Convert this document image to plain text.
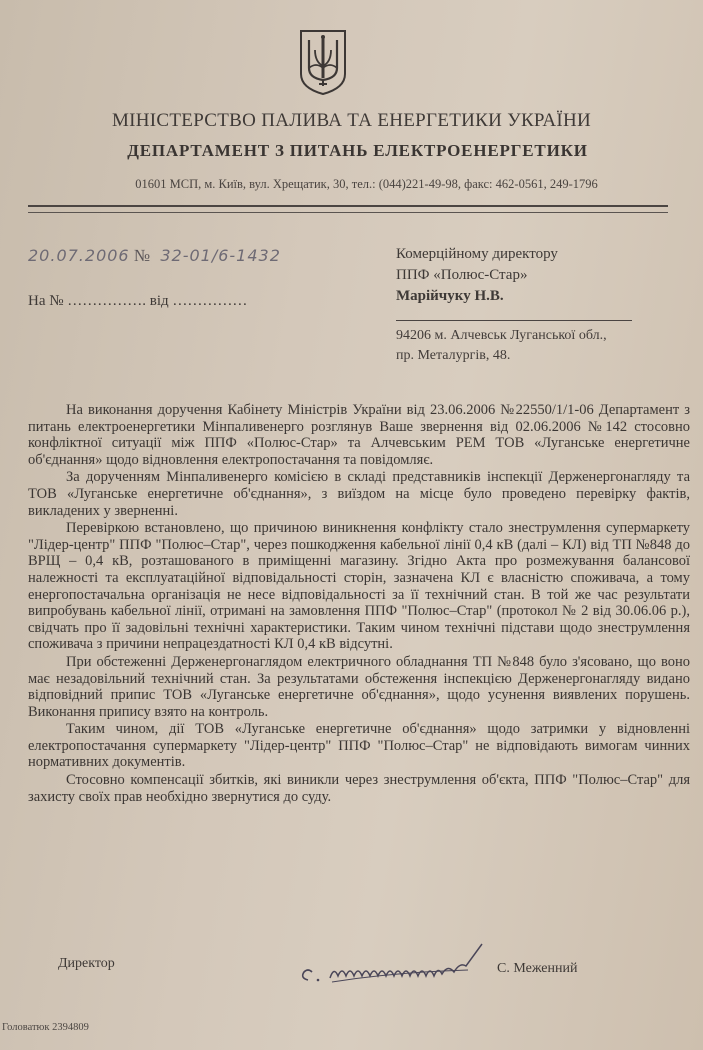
МІНІСТЕРСТВО ПАЛИВА ТА ЕНЕРГЕТИКИ УКРАЇНИ
ДЕПАРТАМЕНТ З ПИТАНЬ ЕЛЕКТРОЕНЕРГЕТИКИ
01601 МСП, м. Київ, вул. Хрещатик, 30, тел.: (044)221-49-98, факс: 462-0561, 249-1796
20.07.2006 № 32-01/6-1432
На № ……………. від ……………
Комерційному директору
ППФ «Полюс-Стар»
Марійчуку Н.В.
94206 м. Алчевськ Луганської обл.,
пр. Металургів, 48.

На виконання доручення Кабінету Міністрів України від 23.06.2006 №22550/1/1-06 Департамент з питань електроенергетики Мінпаливенерго розглянув Ваше звернення від 02.06.2006 №142 стосовно конфліктної ситуації між ППФ «Полюс-Стар» та Алчевським РЕМ ТОВ «Луганське енергетичне об'єднання» щодо відновлення електропостачання та повідомляє.

За дорученням Мінпаливенерго комісією в складі представників інспекції Держенергонагляду та ТОВ «Луганське енергетичне об'єднання», з виїздом на місце було проведено перевірку фактів, викладених у зверненні.

Перевіркою встановлено, що причиною виникнення конфлікту стало знеструмлення супермаркету "Лідер-центр" ППФ "Полюс–Стар", через пошкодження кабельної лінії 0,4 кВ (далі – КЛ) від ТП №848 до ВРЩ – 0,4 кВ, розташованого в приміщенні магазину. Згідно Акта про розмежування балансової належності та експлуатаційної відповідальності сторін, зазначена КЛ є власністю споживача, а тому енергопостачальна організація не несе відповідальності за її технічний стан. В той же час результати випробувань кабельної лінії, отримані на замовлення ППФ "Полюс–Стар" (протокол № 2 від 30.06.06 р.), свідчать про її задовільні технічні характеристики. Таким чином технічні підстави щодо знеструмлення споживача з причини непрацездатності КЛ 0,4 кВ відсутні.

При обстеженні Держенергонаглядом електричного обладнання ТП №848 було з'ясовано, що воно має незадовільний технічний стан. За результатами обстеження інспекцією Держенергонагляду видано відповідний припис ТОВ «Луганське енергетичне об'єднання», щодо усунення виявлених порушень. Виконання припису взято на контроль.

Таким чином, дії ТОВ «Луганське енергетичне об'єднання» щодо затримки у відновленні електропостачання супермаркету "Лідер-центр" ППФ "Полюс–Стар" не відповідають вимогам чинних нормативних документів.

Стосовно компенсації збитків, які виникли через знеструмлення об'єкта, ППФ "Полюс–Стар" для захисту своїх прав необхідно звернутися до суду.

Директор	С. Меженний
Головатюк 2394809
